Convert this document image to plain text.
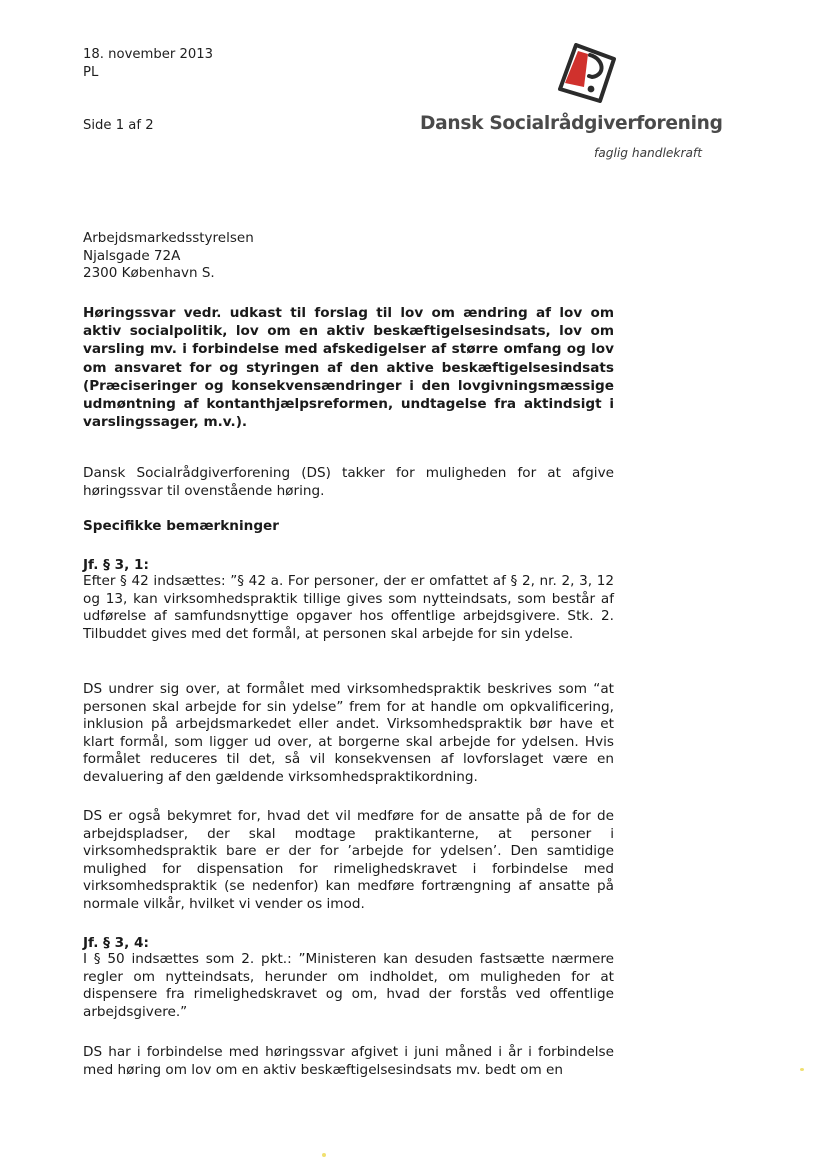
18. november 2013
PL
Side 1 af 2	Dansk Socialrådgiverforening
faglig handlekraft
Arbejdsmarkedsstyrelsen
Njalsgade 72A
2300 København S.
Høringssvar vedr. udkast til forslag til lov om ændring af lov om aktiv socialpolitik, lov om en aktiv beskæftigelsesindsats, lov om varsling mv. i forbindelse med afskedigelser af større omfang og lov om ansvaret for og styringen af den aktive beskæftigelsesindsats (Præciseringer og konsekvensændringer i den lovgivningsmæssige udmøntning af kontanthjælpsreformen, undtagelse fra aktindsigt i varslingssager, m.v.).
Dansk Socialrådgiverforening (DS) takker for muligheden for at afgive høringssvar til ovenstående høring.
Specifikke bemærkninger
Jf. § 3, 1:
Efter § 42 indsættes: ”§ 42 a. For personer, der er omfattet af § 2, nr. 2, 3, 12 og 13, kan virksomhedspraktik tillige gives som nytteindsats, som består af udførelse af samfundsnyttige opgaver hos offentlige arbejdsgivere. Stk. 2. Tilbuddet gives med det formål, at personen skal arbejde for sin ydelse.
DS undrer sig over, at formålet med virksomhedspraktik beskrives som “at personen skal arbejde for sin ydelse” frem for at handle om opkvalificering, inklusion på arbejdsmarkedet eller andet. Virksomhedspraktik bør have et klart formål, som ligger ud over, at borgerne skal arbejde for ydelsen. Hvis formålet reduceres til det, så vil konsekvensen af lovforslaget være en devaluering af den gældende virksomhedspraktikordning.
DS er også bekymret for, hvad det vil medføre for de ansatte på de for de arbejdspladser, der skal modtage praktikanterne, at personer i virksomhedspraktik bare er der for ’arbejde for ydelsen’. Den samtidige mulighed for dispensation for rimelighedskravet i forbindelse med virksomhedspraktik (se nedenfor) kan medføre fortrængning af ansatte på normale vilkår, hvilket vi vender os imod.
Jf. § 3, 4:
I § 50 indsættes som 2. pkt.: ”Ministeren kan desuden fastsætte nærmere regler om nytteindsats, herunder om indholdet, om muligheden for at dispensere fra rimelighedskravet og om, hvad der forstås ved offentlige arbejdsgivere.”
DS har i forbindelse med høringssvar afgivet i juni måned i år i forbindelse med høring om lov om en aktiv beskæftigelsesindsats mv. bedt om en
